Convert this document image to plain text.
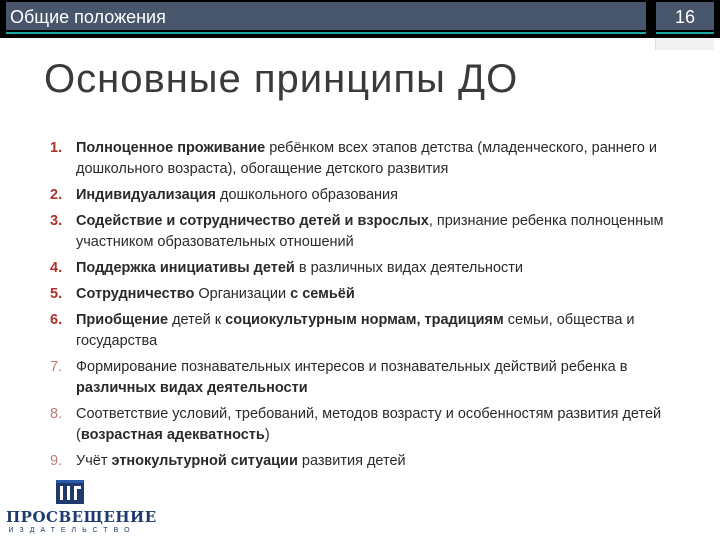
Общие положения	16
Основные принципы ДО
1. Полноценное проживание ребёнком всех этапов детства (младенческого, раннего и дошкольного возраста), обогащение детского развития
2. Индивидуализация дошкольного образования
3. Содействие и сотрудничество детей и взрослых, признание ребенка полноценным участником образовательных отношений
4. Поддержка инициативы детей в различных видах деятельности
5. Сотрудничество Организации с семьёй
6. Приобщение детей к социокультурным нормам, традициям семьи, общества и государства
7. Формирование познавательных интересов и познавательных действий ребенка в различных видах деятельности
8. Соответствие условий, требований, методов возрасту и особенностям развития детей (возрастная адекватность)
9. Учёт этнокультурной ситуации развития детей
ПРОСВЕЩЕНИЕ
ИЗДАТЕЛЬСТВО
